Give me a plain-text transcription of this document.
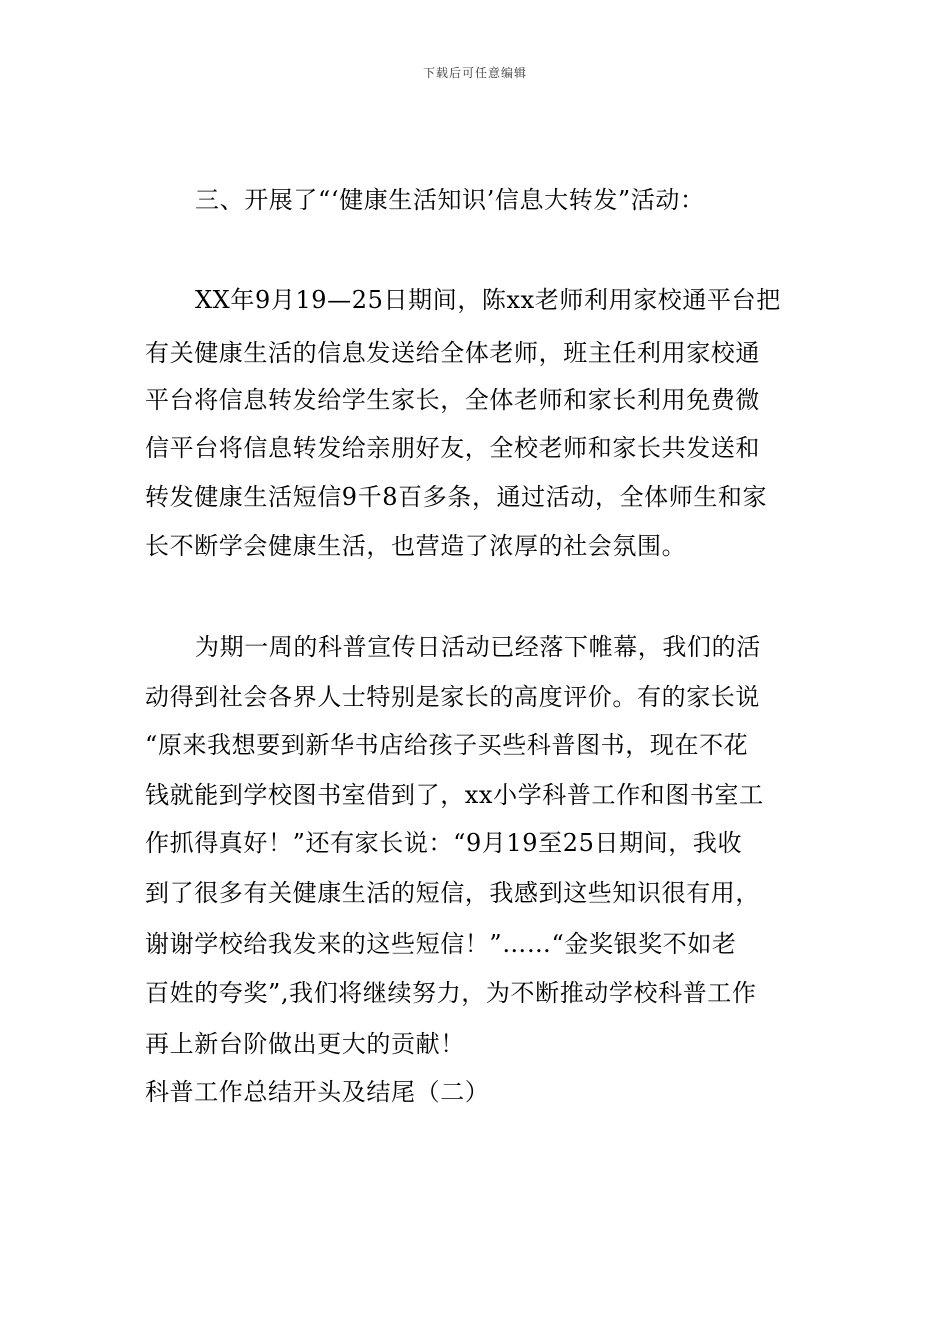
下载后可任意编辑
三、开展了“‘健康生活知识’信息大转发”活动：
XX年9月19—25日期间，陈xx老师利用家校通平台把
有关健康生活的信息发送给全体老师，班主任利用家校通
平台将信息转发给学生家长，全体老师和家长利用免费微
信平台将信息转发给亲朋好友，全校老师和家长共发送和
转发健康生活短信9千8百多条，通过活动，全体师生和家
长不断学会健康生活，也营造了浓厚的社会氛围。
为期一周的科普宣传日活动已经落下帷幕，我们的活
动得到社会各界人士特别是家长的高度评价。有的家长说
“原来我想要到新华书店给孩子买些科普图书，现在不花
钱就能到学校图书室借到了，xx小学科普工作和图书室工
作抓得真好！”还有家长说：“9月19至25日期间，我收
到了很多有关健康生活的短信，我感到这些知识很有用，
谢谢学校给我发来的这些短信！”……“金奖银奖不如老
百姓的夸奖”,我们将继续努力，为不断推动学校科普工作
再上新台阶做出更大的贡献！
科普工作总结开头及结尾（二）
